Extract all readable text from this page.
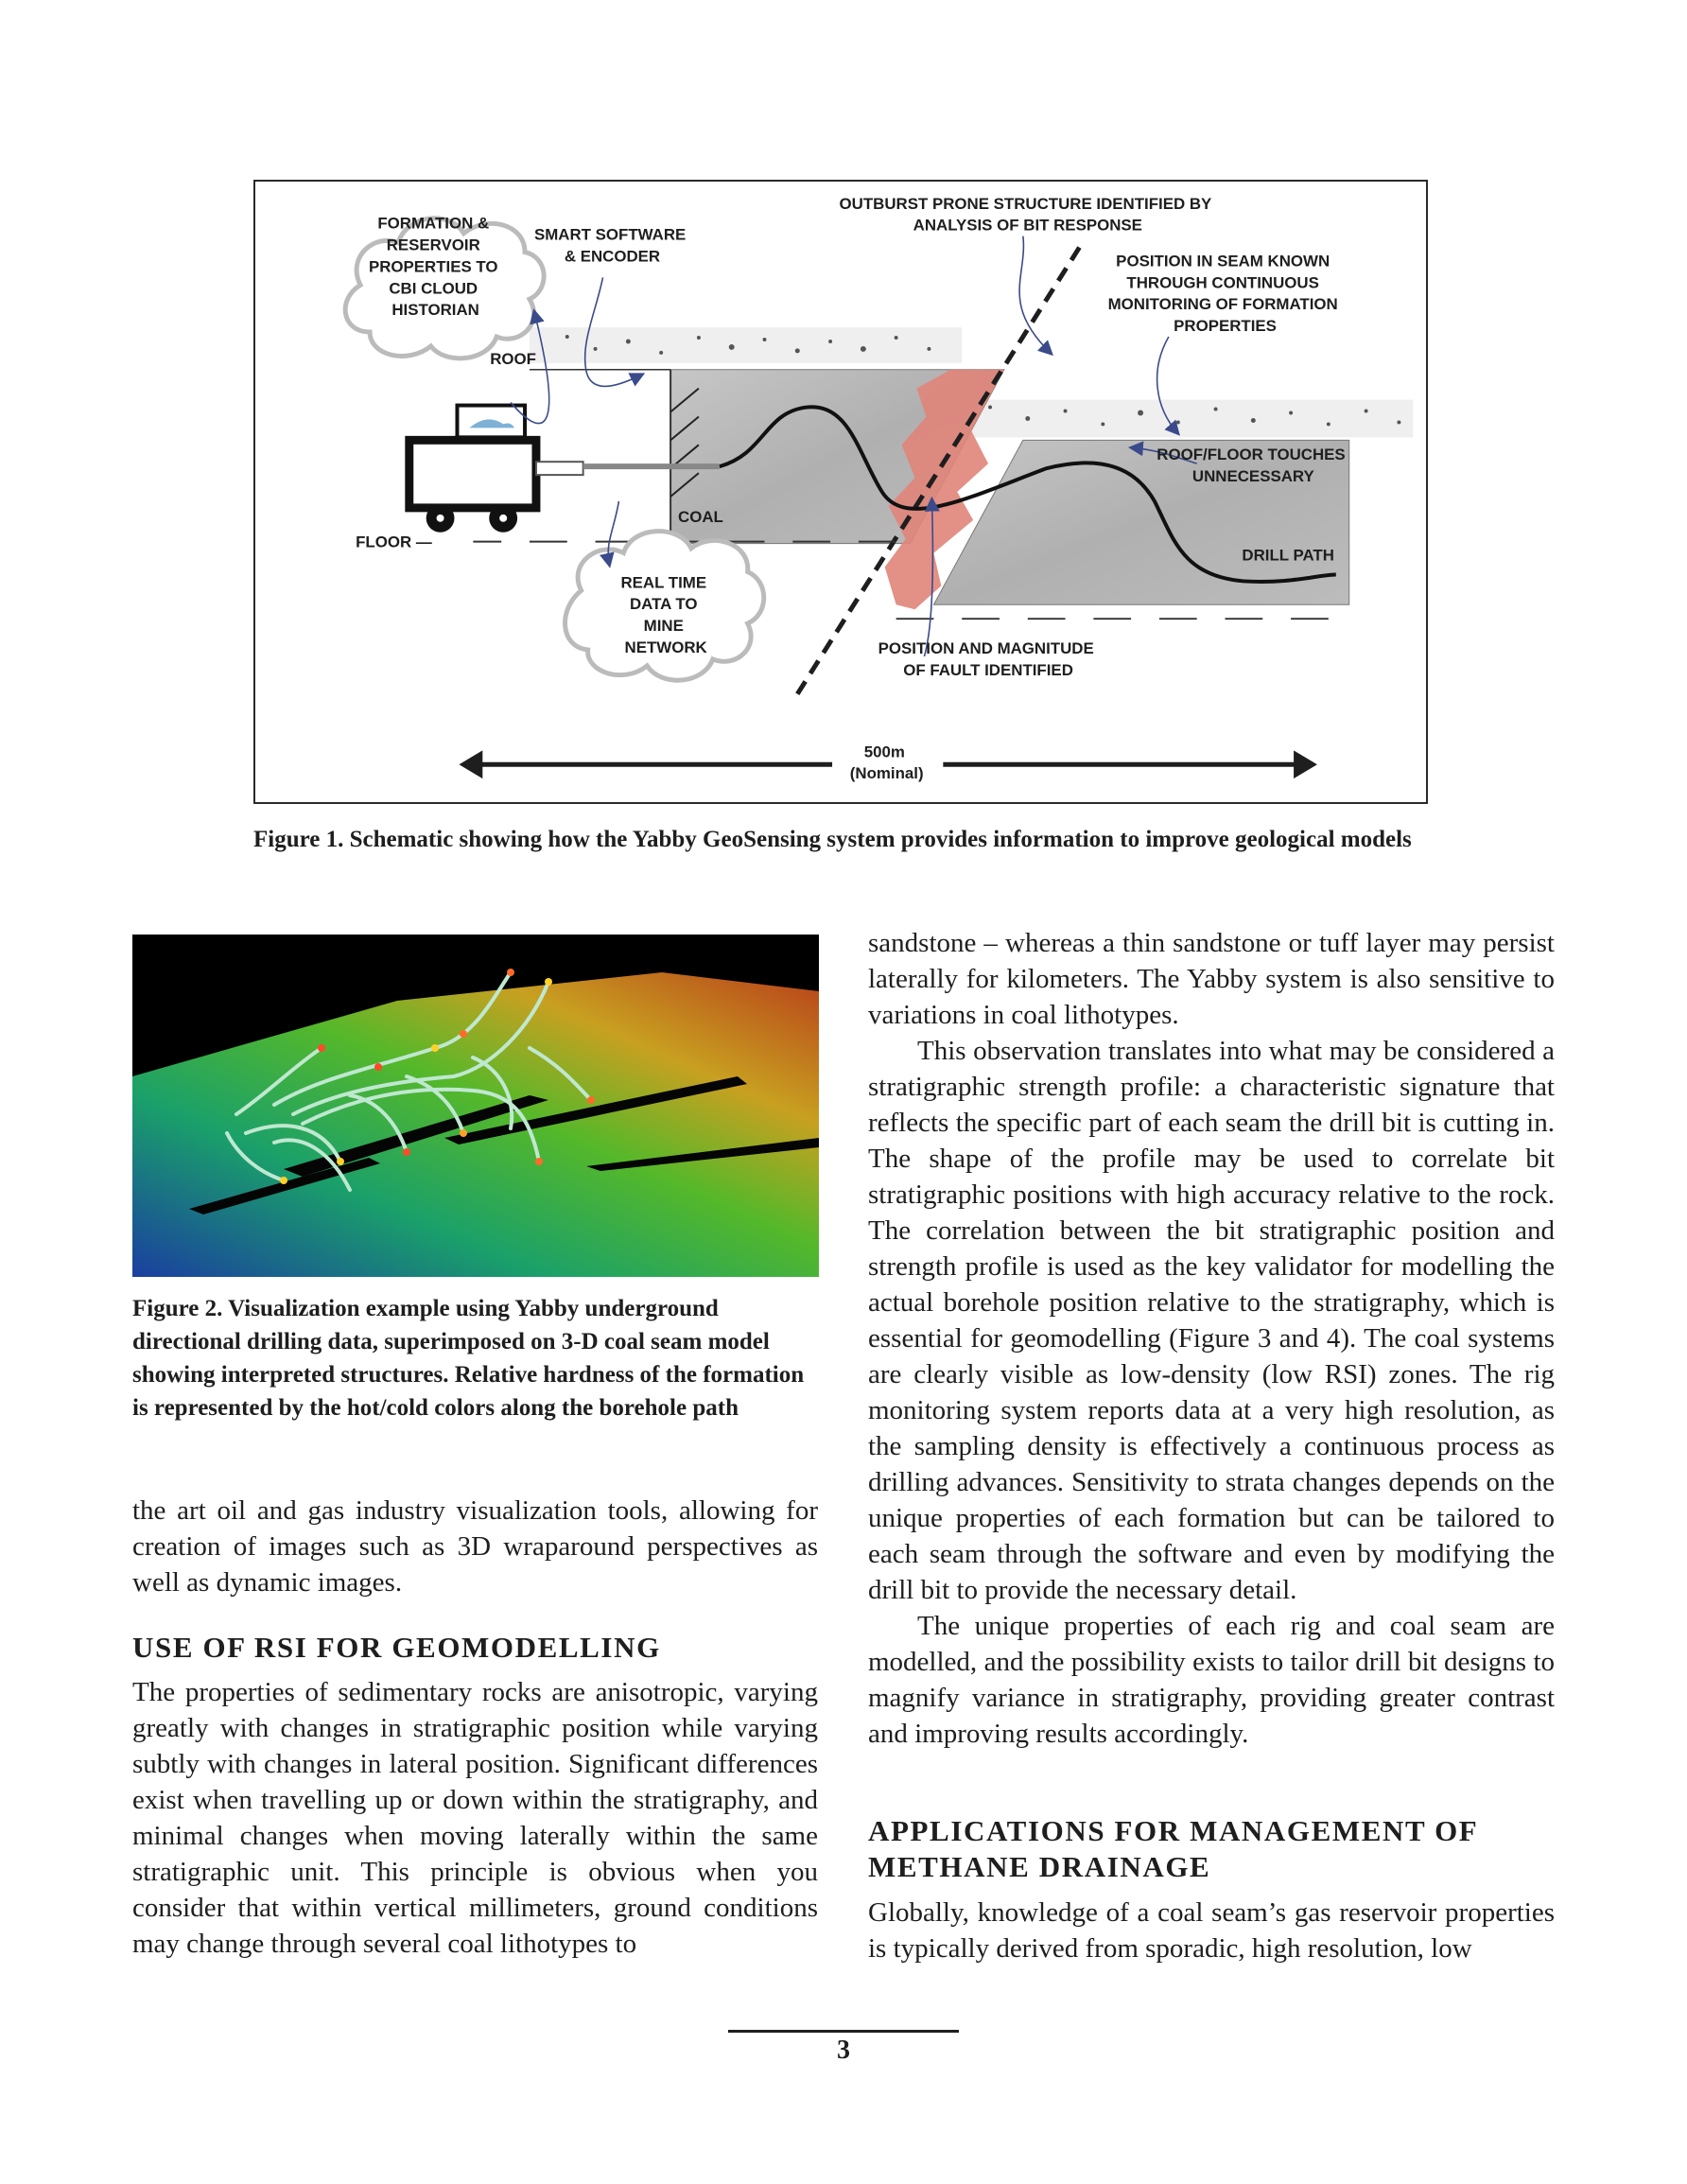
FORMATION & RESERVOIR PROPERTIES TO CBI CLOUD HISTORIAN
SMART SOFTWARE & ENCODER
OUTBURST PRONE STRUCTURE IDENTIFIED BY ANALYSIS OF BIT RESPONSE
POSITION IN SEAM KNOWN THROUGH CONTINUOUS MONITORING OF FORMATION PROPERTIES
ROOF
COAL
FLOOR —
ROOF/FLOOR TOUCHES UNNECESSARY
DRILL PATH
REAL TIME DATA TO MINE NETWORK	POSITION AND MAGNITUDE OF FAULT IDENTIFIED
500m (Nominal)
Figure 1. Schematic showing how the Yabby GeoSensing system provides information to improve geological models
Figure 2. Visualization example using Yabby underground directional drilling data, superimposed on 3-D coal seam model showing interpreted structures. Relative hardness of the formation is represented by the hot/cold colors along the borehole path
the art oil and gas industry visualization tools, allowing for creation of images such as 3D wraparound perspectives as well as dynamic images.
USE OF RSI FOR GEOMODELLING
The properties of sedimentary rocks are anisotropic, varying greatly with changes in stratigraphic position while varying subtly with changes in lateral position. Significant differences exist when travelling up or down within the stratigraphy, and minimal changes when moving laterally within the same stratigraphic unit. This principle is obvious when you consider that within vertical millimeters, ground conditions may change through several coal lithotypes to
sandstone – whereas a thin sandstone or tuff layer may persist laterally for kilometers. The Yabby system is also sensitive to variations in coal lithotypes.
This observation translates into what may be considered a stratigraphic strength profile: a characteristic signature that reflects the specific part of each seam the drill bit is cutting in. The shape of the profile may be used to correlate bit stratigraphic positions with high accuracy relative to the rock. The correlation between the bit stratigraphic position and strength profile is used as the key validator for modelling the actual borehole position relative to the stratigraphy, which is essential for geomodelling (Figure 3 and 4). The coal systems are clearly visible as low-density (low RSI) zones. The rig monitoring system reports data at a very high resolution, as the sampling density is effectively a continuous process as drilling advances. Sensitivity to strata changes depends on the unique properties of each formation but can be tailored to each seam through the software and even by modifying the drill bit to provide the necessary detail.
The unique properties of each rig and coal seam are modelled, and the possibility exists to tailor drill bit designs to magnify variance in stratigraphy, providing greater contrast and improving results accordingly.
APPLICATIONS FOR MANAGEMENT OF METHANE DRAINAGE
Globally, knowledge of a coal seam’s gas reservoir properties is typically derived from sporadic, high resolution, low
3
